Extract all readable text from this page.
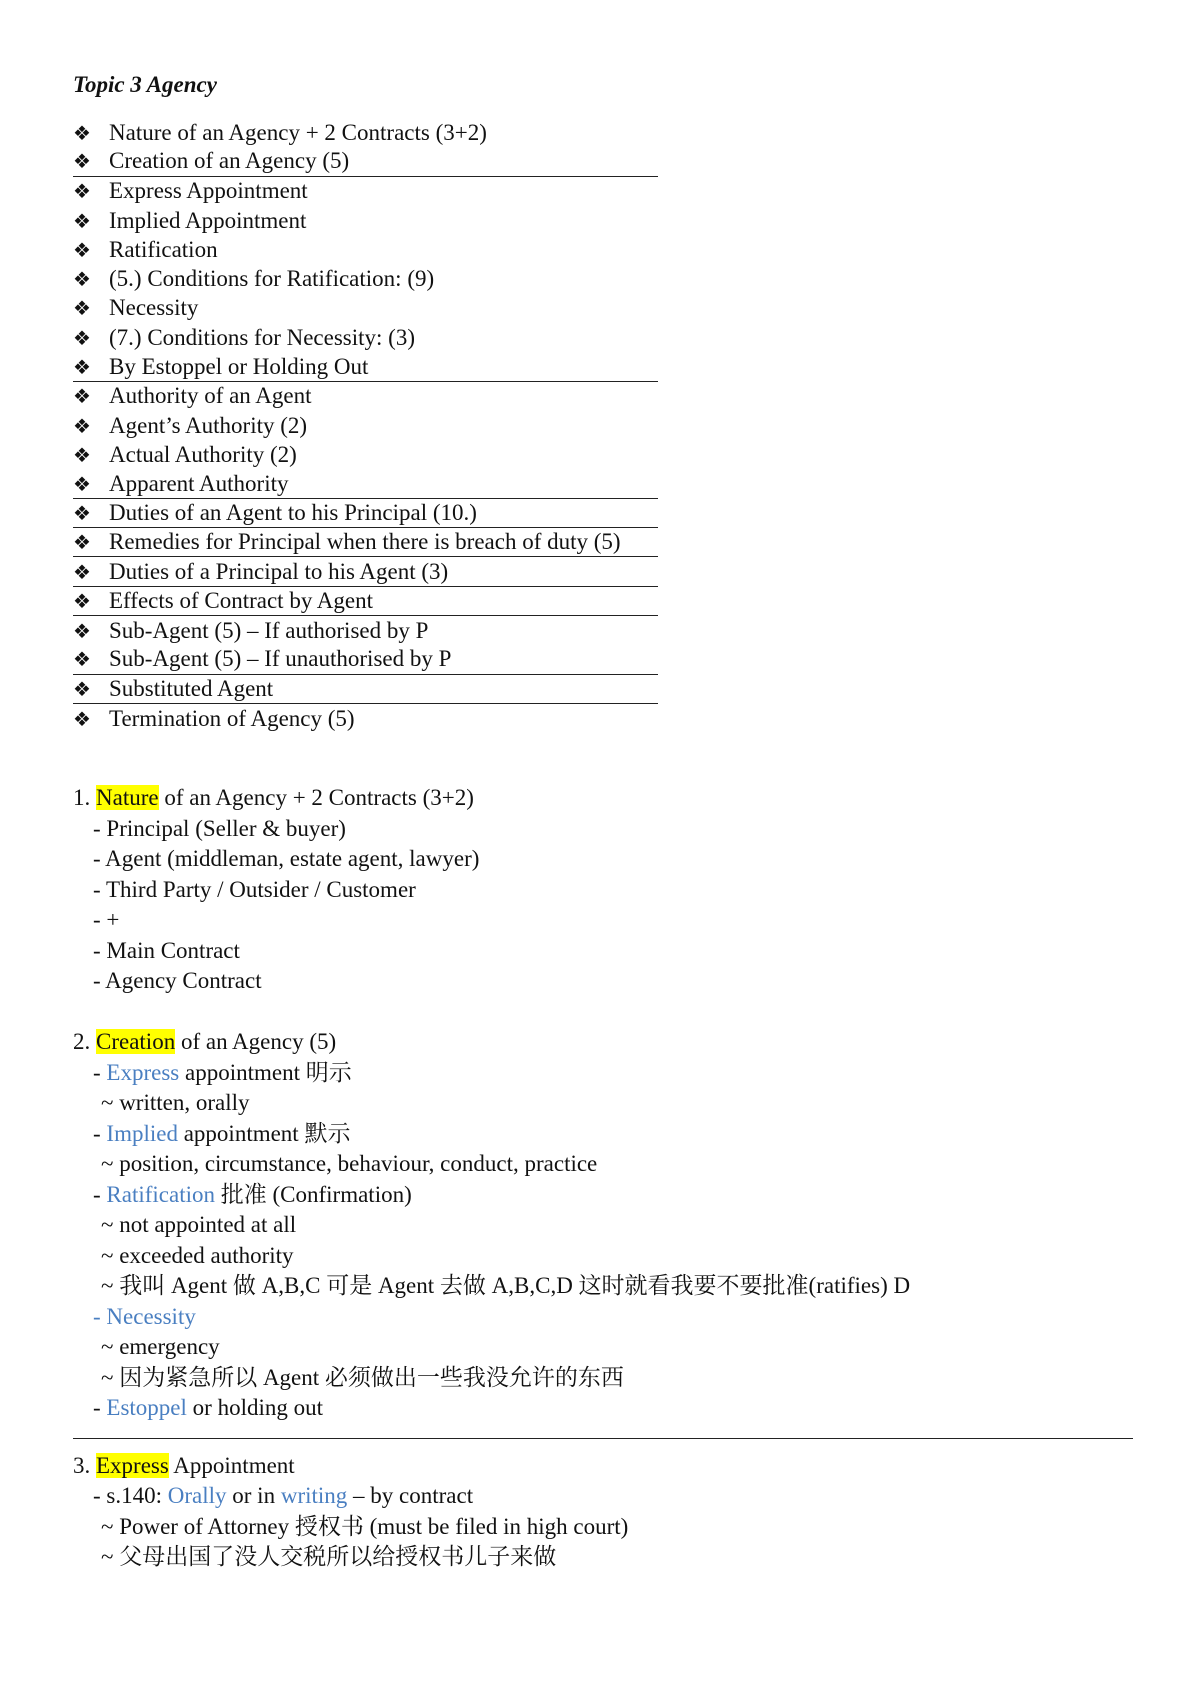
Topic 3 Agency
❖ Nature of an Agency + 2 Contracts (3+2)
❖ Creation of an Agency (5)
❖ Express Appointment
❖ Implied Appointment
❖ Ratification
❖ (5.) Conditions for Ratification: (9)
❖ Necessity
❖ (7.) Conditions for Necessity: (3)
❖ By Estoppel or Holding Out
❖ Authority of an Agent
❖ Agent’s Authority (2)
❖ Actual Authority (2)
❖ Apparent Authority
❖ Duties of an Agent to his Principal (10.)
❖ Remedies for Principal when there is breach of duty (5)
❖ Duties of a Principal to his Agent (3)
❖ Effects of Contract by Agent
❖ Sub-Agent (5) – If authorised by P
❖ Sub-Agent (5) – If unauthorised by P
❖ Substituted Agent
❖ Termination of Agency (5)
1. Nature of an Agency + 2 Contracts (3+2)
- Principal (Seller & buyer)
- Agent (middleman, estate agent, lawyer)
- Third Party / Outsider / Customer
- +
- Main Contract
- Agency Contract
2. Creation of an Agency (5)
- Express appointment 明示
~ written, orally
- Implied appointment 默示
~ position, circumstance, behaviour, conduct, practice
- Ratification 批准 (Confirmation)
~ not appointed at all
~ exceeded authority
~ 我叫 Agent 做 A,B,C 可是 Agent 去做 A,B,C,D 这时就看我要不要批准(ratifies) D
- Necessity
~ emergency
~ 因为紧急所以 Agent 必须做出一些我没允许的东西
- Estoppel or holding out
3. Express Appointment
- s.140: Orally or in writing – by contract
~ Power of Attorney 授权书 (must be filed in high court)
~ 父母出国了没人交税所以给授权书儿子来做
